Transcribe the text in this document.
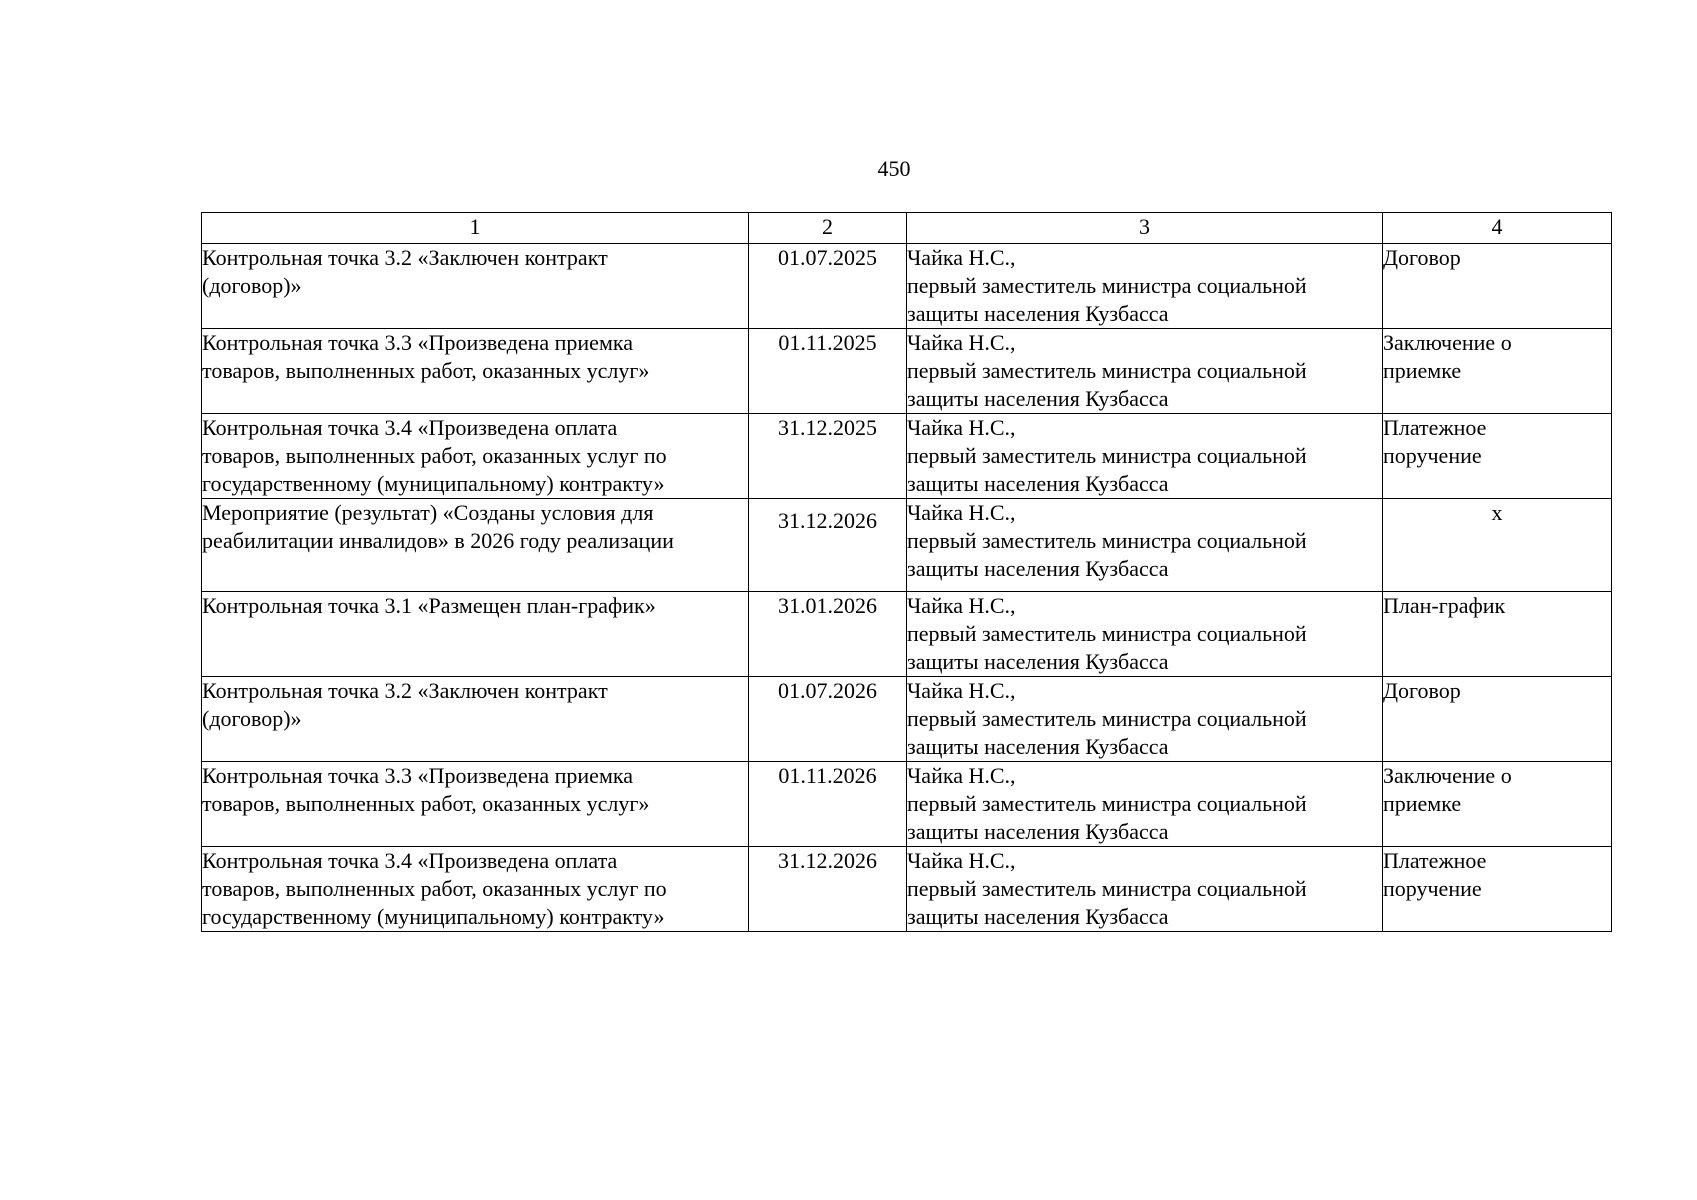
450
1	2	3	4

Контрольная точка 3.2 «Заключен контракт
(договор)»	01.07.2025	Чайка Н.С.,
первый заместитель министра социальной
защиты населения Кузбасса	Договор

Контрольная точка 3.3 «Произведена приемка
товаров, выполненных работ, оказанных услуг»	01.11.2025	Чайка Н.С.,
первый заместитель министра социальной
защиты населения Кузбасса	Заключение о
приемке

Контрольная точка 3.4 «Произведена оплата
товаров, выполненных работ, оказанных услуг по
государственному (муниципальному) контракту»	31.12.2025	Чайка Н.С.,
первый заместитель министра социальной
защиты населения Кузбасса	Платежное
поручение

Мероприятие (результат) «Созданы условия для
реабилитации инвалидов» в 2026 году реализации	31.12.2026	Чайка Н.С.,
первый заместитель министра социальной
защиты населения Кузбасса	х

Контрольная точка 3.1 «Размещен план-график»	31.01.2026	Чайка Н.С.,
первый заместитель министра социальной
защиты населения Кузбасса	План-график

Контрольная точка 3.2 «Заключен контракт
(договор)»	01.07.2026	Чайка Н.С.,
первый заместитель министра социальной
защиты населения Кузбасса	Договор

Контрольная точка 3.3 «Произведена приемка
товаров, выполненных работ, оказанных услуг»	01.11.2026	Чайка Н.С.,
первый заместитель министра социальной
защиты населения Кузбасса	Заключение о
приемке

Контрольная точка 3.4 «Произведена оплата
товаров, выполненных работ, оказанных услуг по
государственному (муниципальному) контракту»	31.12.2026	Чайка Н.С.,
первый заместитель министра социальной
защиты населения Кузбасса	Платежное
поручение
